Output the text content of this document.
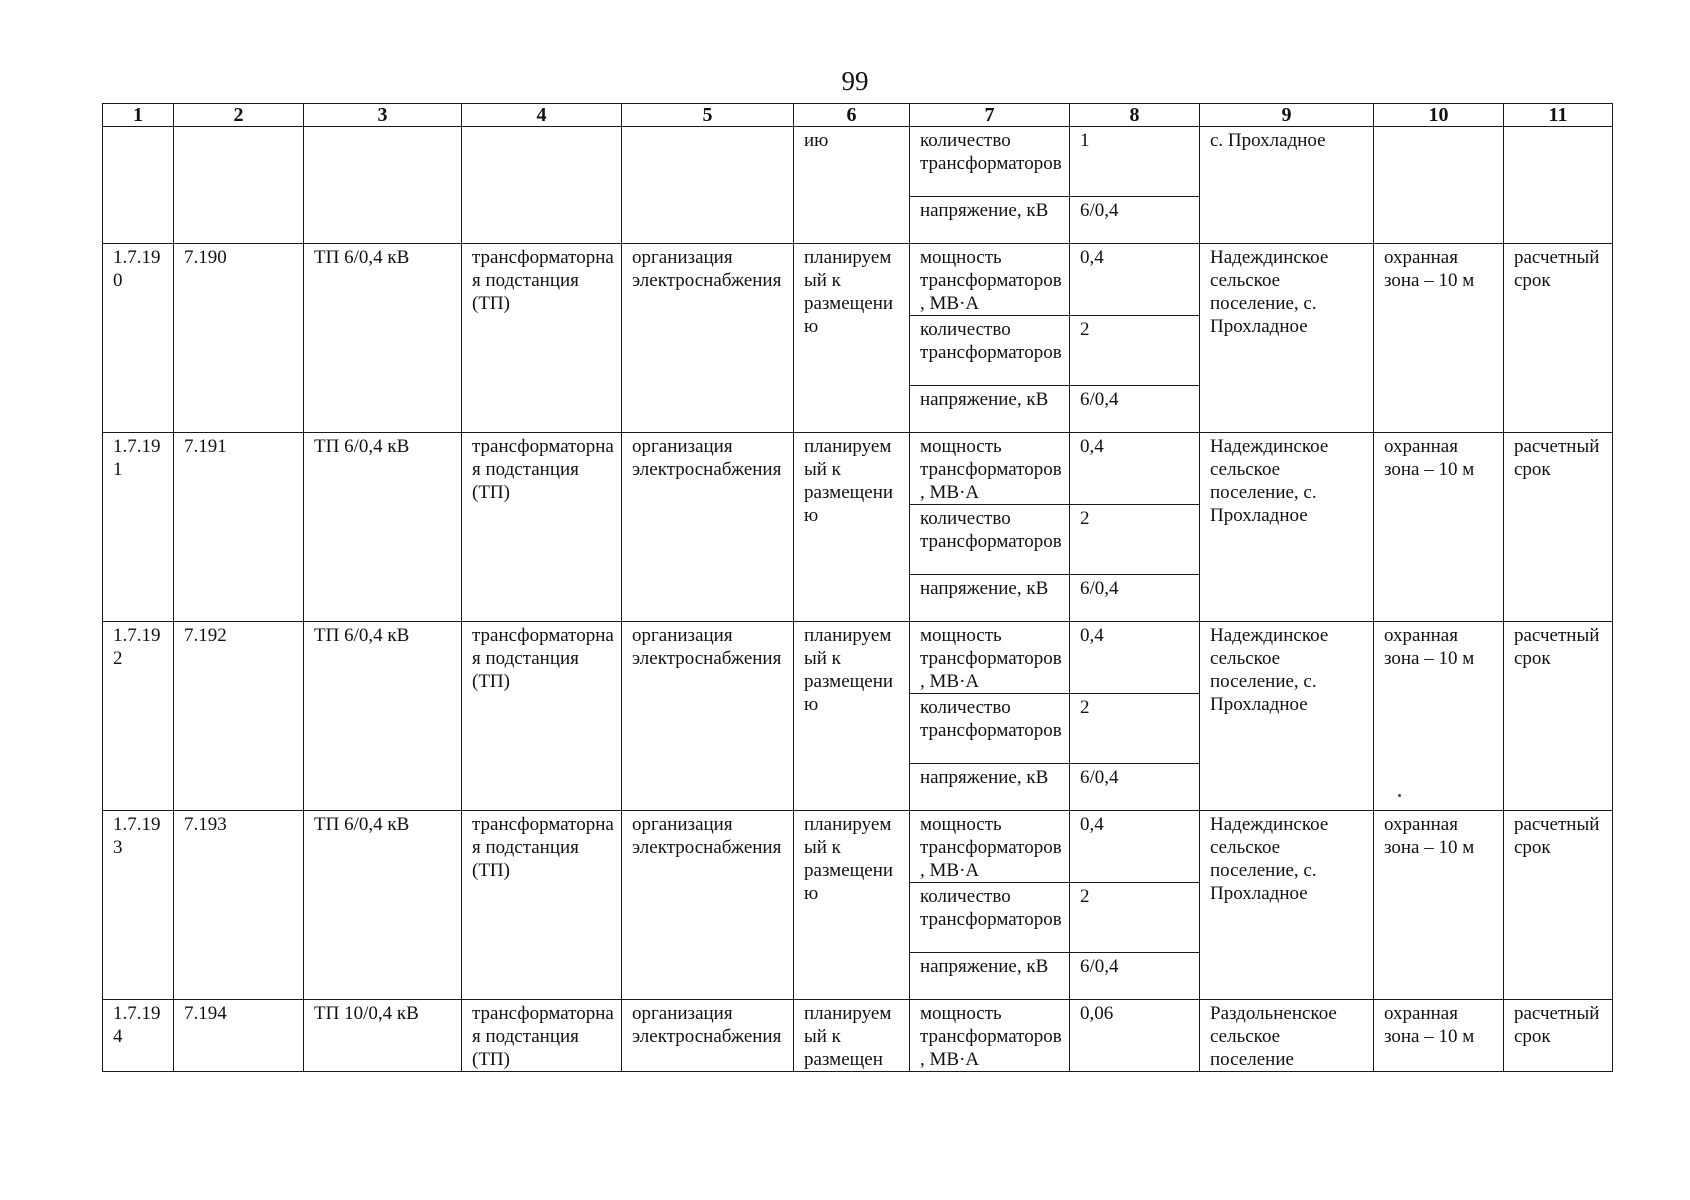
99
1	2	3	4	5	6	7	8	9	10	11
					ию	количество трансформаторов	1	с. Прохладное		
						напряжение, кВ	6/0,4			
1.7.190	7.190	ТП 6/0,4 кВ	трансформаторная подстанция (ТП)	организация электроснабжения	планируемый к размещению	мощность трансформаторов, МВ·А	0,4	Надеждинское сельское поселение, с. Прохладное	охранная зона – 10 м	расчетный срок
						количество трансформаторов	2			
						напряжение, кВ	6/0,4			
1.7.191	7.191	ТП 6/0,4 кВ	трансформаторная подстанция (ТП)	организация электроснабжения	планируемый к размещению	мощность трансформаторов, МВ·А	0,4	Надеждинское сельское поселение, с. Прохладное	охранная зона – 10 м	расчетный срок
						количество трансформаторов	2			
						напряжение, кВ	6/0,4			
1.7.192	7.192	ТП 6/0,4 кВ	трансформаторная подстанция (ТП)	организация электроснабжения	планируемый к размещению	мощность трансформаторов, МВ·А	0,4	Надеждинское сельское поселение, с. Прохладное	охранная зона – 10 м	расчетный срок
						количество трансформаторов	2			
						напряжение, кВ	6/0,4			
1.7.193	7.193	ТП 6/0,4 кВ	трансформаторная подстанция (ТП)	организация электроснабжения	планируемый к размещению	мощность трансформаторов, МВ·А	0,4	Надеждинское сельское поселение, с. Прохладное	охранная зона – 10 м	расчетный срок
						количество трансформаторов	2			
						напряжение, кВ	6/0,4			
1.7.194	7.194	ТП 10/0,4 кВ	трансформаторная подстанция (ТП)	организация электроснабжения	планируемый к размещен	мощность трансформаторов, МВ·А	0,06	Раздольненское сельское поселение	охранная зона – 10 м	расчетный срок
